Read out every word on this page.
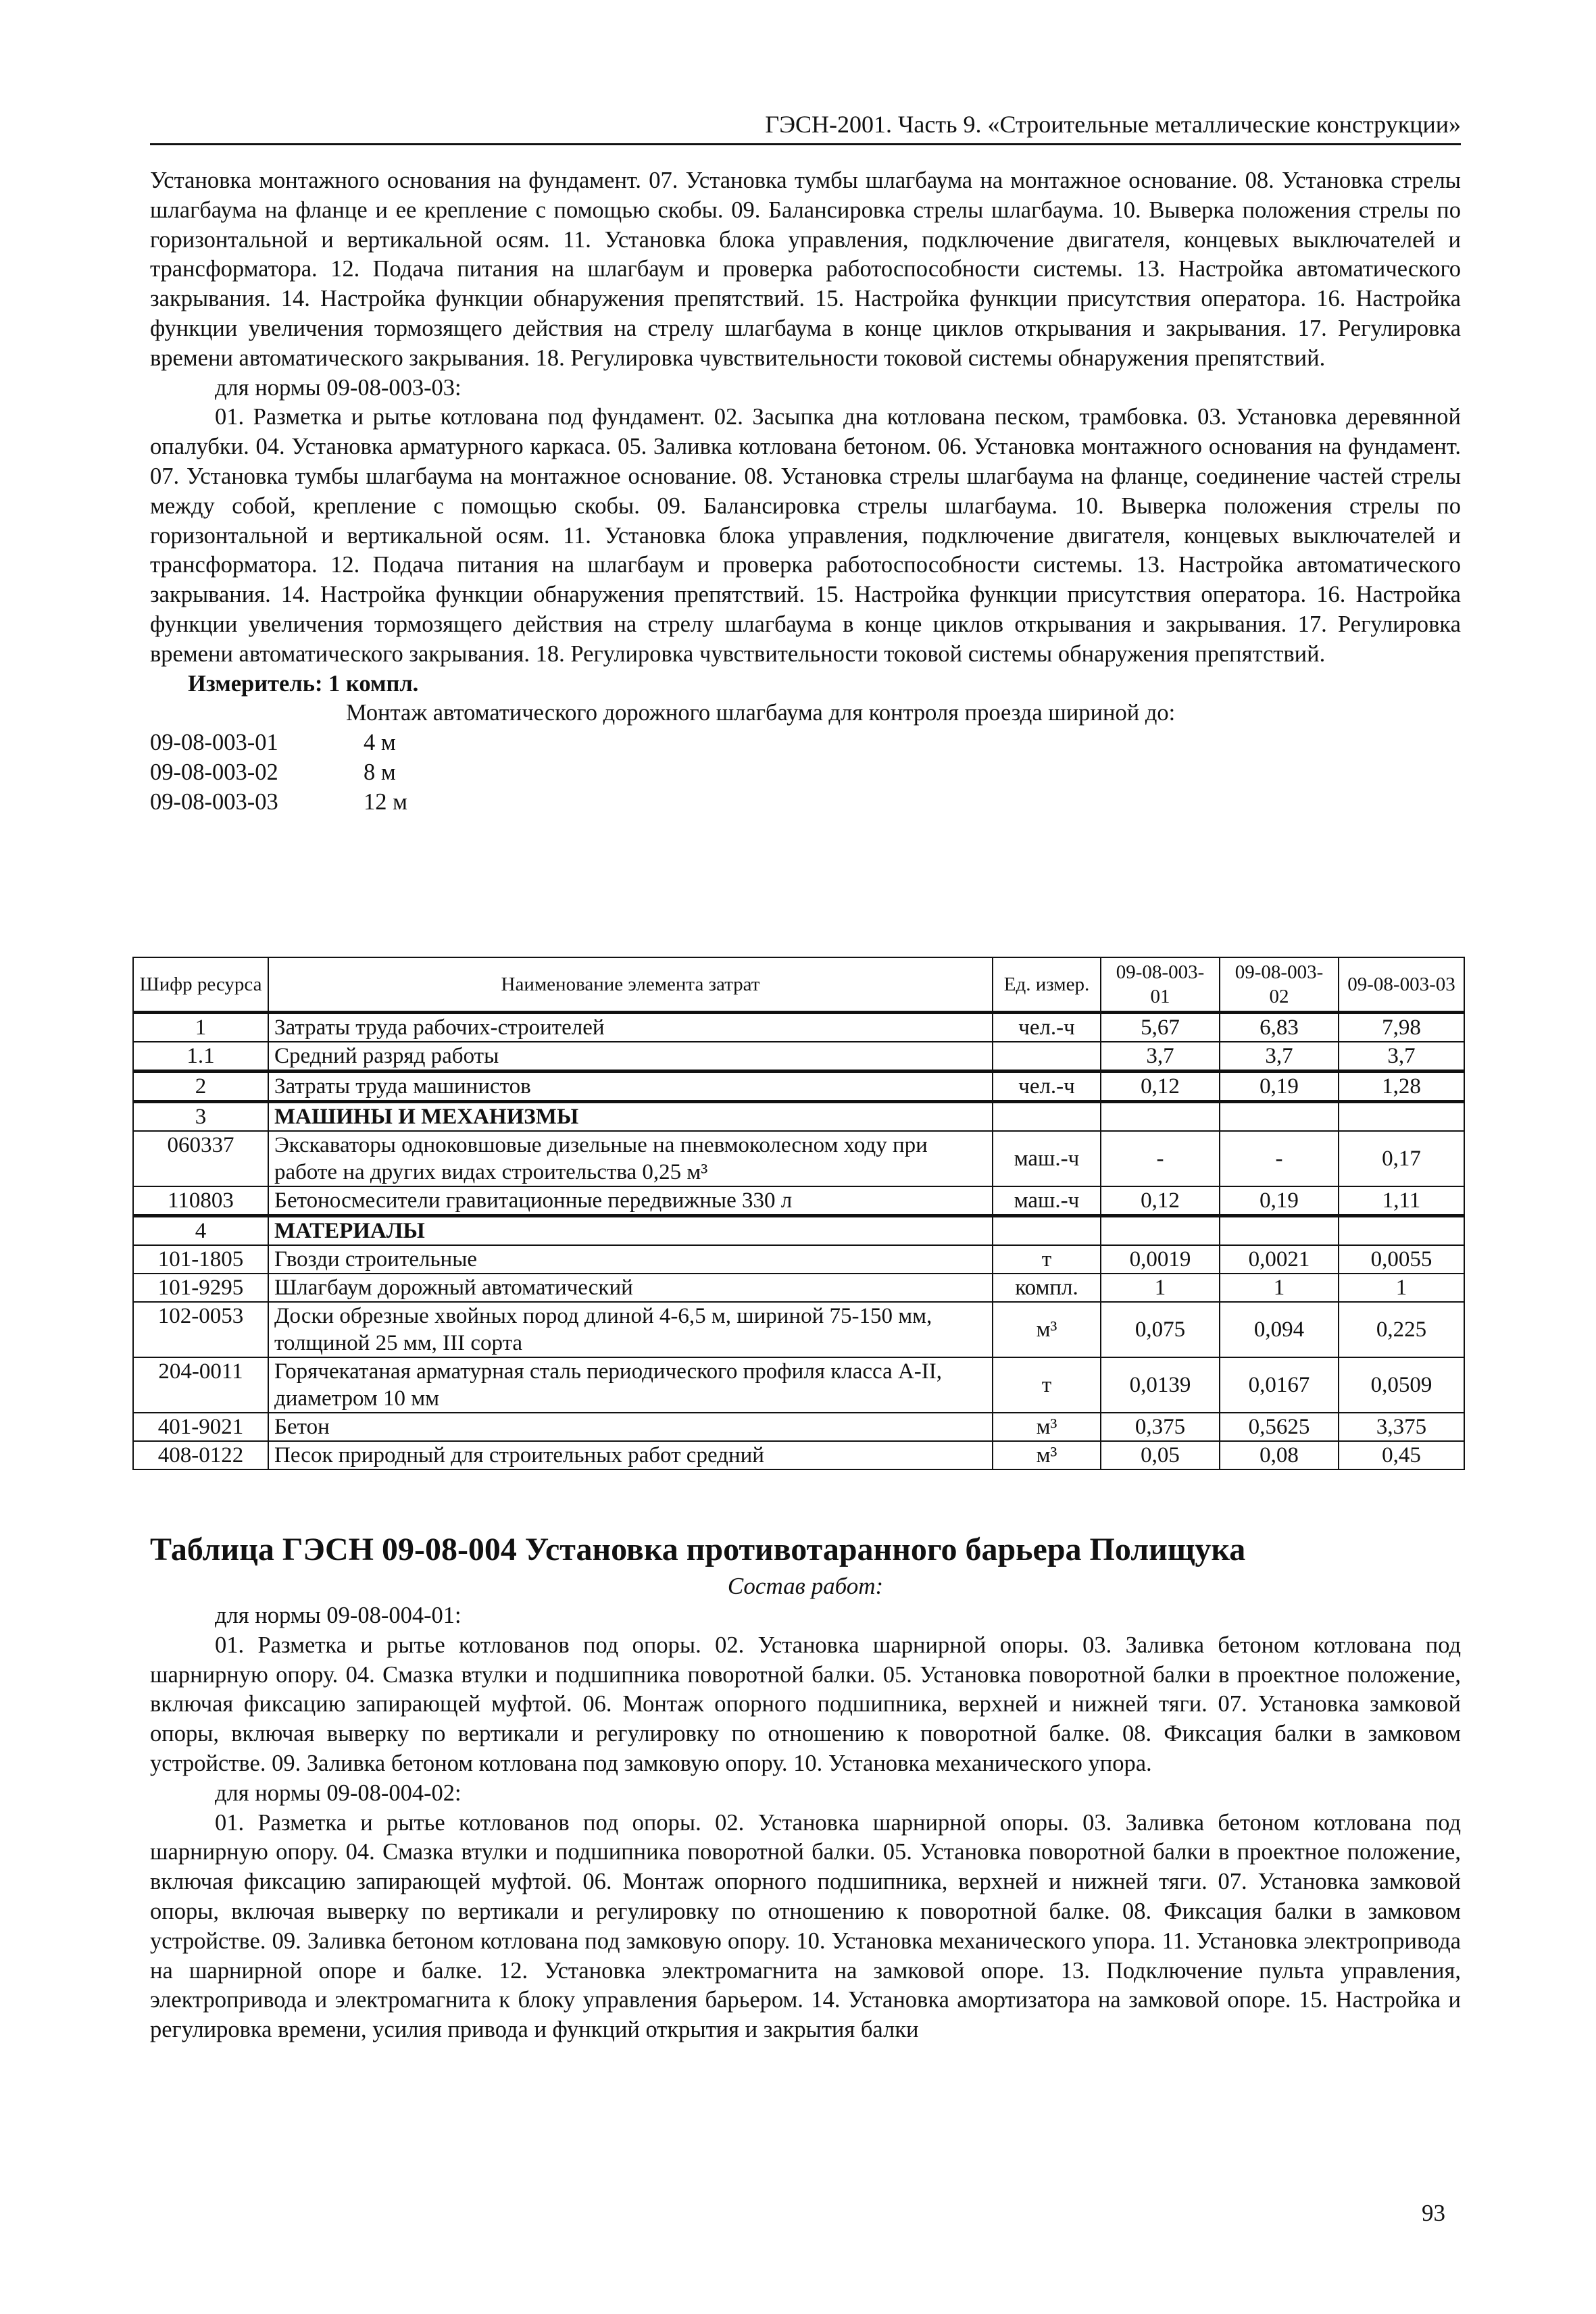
ГЭСН-2001. Часть 9. «Строительные металлические конструкции»

Установка монтажного основания на фундамент. 07. Установка тумбы шлагбаума на монтажное основание. 08. Установка стрелы шлагбаума на фланце и ее крепление с помощью скобы. 09. Балансировка стрелы шлагбаума. 10. Выверка положения стрелы по горизонтальной и вертикальной осям. 11. Установка блока управления, подключение двигателя, концевых выключателей и трансформатора. 12. Подача питания на шлагбаум и проверка работоспособности системы. 13. Настройка автоматического закрывания. 14. Настройка функции обнаружения препятствий. 15. Настройка функции присутствия оператора. 16. Настройка функции увеличения тормозящего действия на стрелу шлагбаума в конце циклов открывания и закрывания. 17. Регулировка времени автоматического закрывания. 18. Регулировка чувствительности токовой системы обнаружения препятствий.

для нормы 09-08-003-03:

01. Разметка и рытье котлована под фундамент. 02. Засыпка дна котлована песком, трамбовка. 03. Установка деревянной опалубки. 04. Установка арматурного каркаса. 05. Заливка котлована бетоном. 06. Установка монтажного основания на фундамент. 07. Установка тумбы шлагбаума на монтажное основание. 08. Установка стрелы шлагбаума на фланце, соединение частей стрелы между собой, крепление с помощью скобы. 09. Балансировка стрелы шлагбаума. 10. Выверка положения стрелы по горизонтальной и вертикальной осям. 11. Установка блока управления, подключение двигателя, концевых выключателей и трансформатора. 12. Подача питания на шлагбаум и проверка работоспособности системы. 13. Настройка автоматического закрывания. 14. Настройка функции обнаружения препятствий. 15. Настройка функции присутствия оператора. 16. Настройка функции увеличения тормозящего действия на стрелу шлагбаума в конце циклов открывания и закрывания. 17. Регулировка времени автоматического закрывания. 18. Регулировка чувствительности токовой системы обнаружения препятствий.

Измеритель: 1 компл.

Монтаж автоматического дорожного шлагбаума для контроля проезда шириной до:

09-08-003-01	4 м
09-08-003-02	8 м
09-08-003-03	12 м
Шифр ресурса	Наименование элемента затрат	Ед. измер.	09-08-003-01	09-08-003-02	09-08-003-03
1	Затраты труда рабочих-строителей	чел.-ч	5,67	6,83	7,98
1.1	Средний разряд работы		3,7	3,7	3,7
2	Затраты труда машинистов	чел.-ч	0,12	0,19	1,28
3	МАШИНЫ И МЕХАНИЗМЫ				
060337	Экскаваторы одноковшовые дизельные на пневмоколесном ходу при работе на других видах строительства 0,25 м³	маш.-ч	-	-	0,17
110803	Бетоносмесители гравитационные передвижные 330 л	маш.-ч	0,12	0,19	1,11
4	МАТЕРИАЛЫ				
101-1805	Гвозди строительные	т	0,0019	0,0021	0,0055
101-9295	Шлагбаум дорожный автоматический	компл.	1	1	1
102-0053	Доски обрезные хвойных пород длиной 4-6,5 м, шириной 75-150 мм, толщиной 25 мм, III сорта	м³	0,075	0,094	0,225
204-0011	Горячекатаная арматурная сталь периодического профиля класса А-II, диаметром 10 мм	т	0,0139	0,0167	0,0509
401-9021	Бетон	м³	0,375	0,5625	3,375
408-0122	Песок природный для строительных работ средний	м³	0,05	0,08	0,45
Таблица ГЭСН 09-08-004 Установка противотаранного барьера Полищука
Состав работ:

для нормы 09-08-004-01:

01. Разметка и рытье котлованов под опоры. 02. Установка шарнирной опоры. 03. Заливка бетоном котлована под шарнирную опору. 04. Смазка втулки и подшипника поворотной балки. 05. Установка поворотной балки в проектное положение, включая фиксацию запирающей муфтой. 06. Монтаж опорного подшипника, верхней и нижней тяги. 07. Установка замковой опоры, включая выверку по вертикали и регулировку по отношению к поворотной балке. 08. Фиксация балки в замковом устройстве. 09. Заливка бетоном котлована под замковую опору. 10. Установка механического упора.

для нормы 09-08-004-02:

01. Разметка и рытье котлованов под опоры. 02. Установка шарнирной опоры. 03. Заливка бетоном котлована под шарнирную опору. 04. Смазка втулки и подшипника поворотной балки. 05. Установка поворотной балки в проектное положение, включая фиксацию запирающей муфтой. 06. Монтаж опорного подшипника, верхней и нижней тяги. 07. Установка замковой опоры, включая выверку по вертикали и регулировку по отношению к поворотной балке. 08. Фиксация балки в замковом устройстве. 09. Заливка бетоном котлована под замковую опору. 10. Установка механического упора. 11. Установка электропривода на шарнирной опоре и балке. 12. Установка электромагнита на замковой опоре. 13. Подключение пульта управления, электропривода и электромагнита к блоку управления барьером. 14. Установка амортизатора на замковой опоре. 15. Настройка и регулировка времени, усилия привода и функций открытия и закрытия балки

93
